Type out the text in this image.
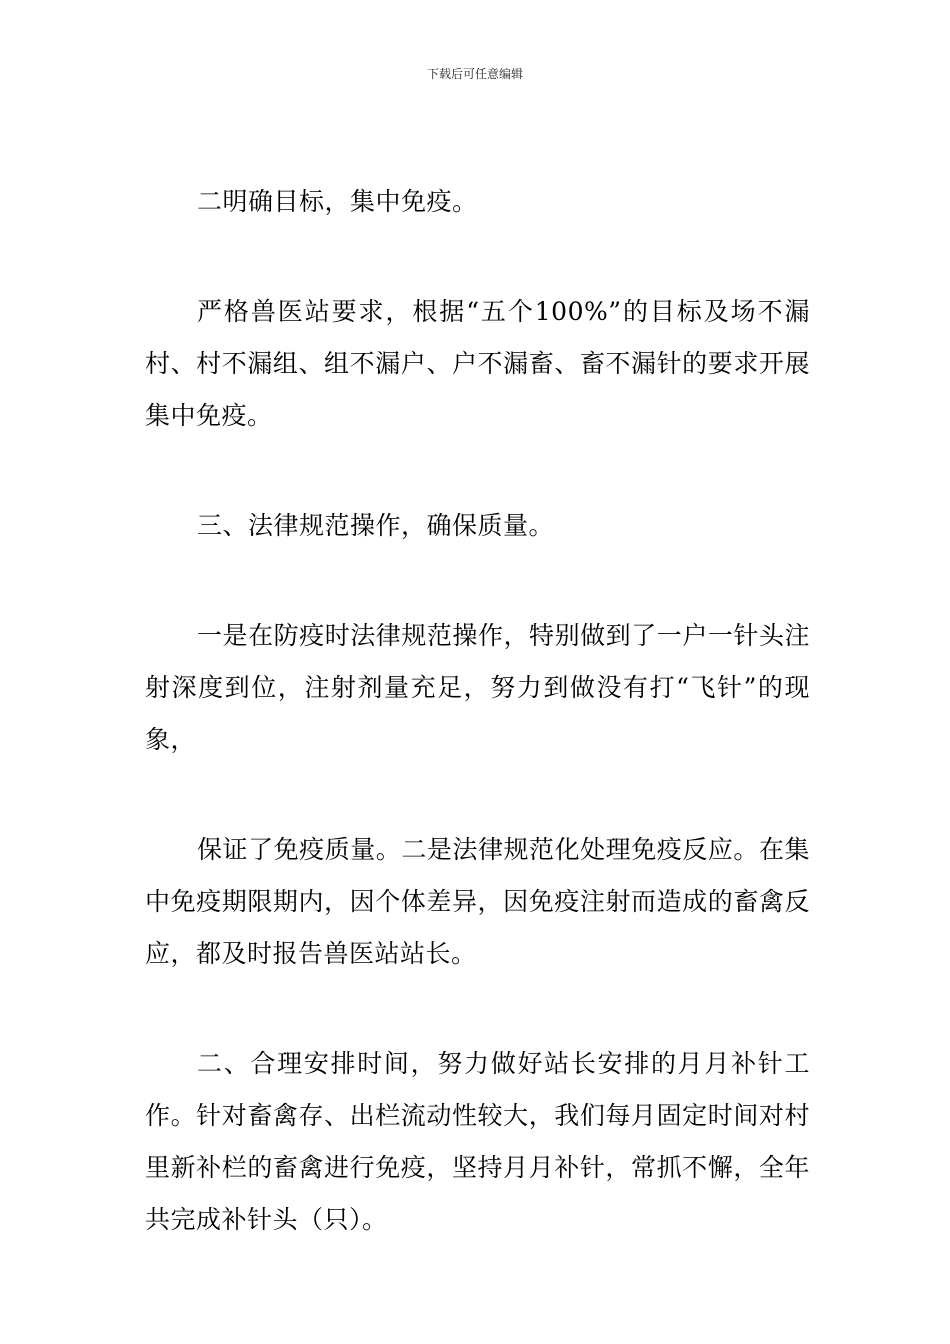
下载后可任意编辑

二明确目标，集中免疫。

严格兽医站要求，根据“五个100%”的目标及场不漏村、村不漏组、组不漏户、户不漏畜、畜不漏针的要求开展集中免疫。

三、法律规范操作，确保质量。

一是在防疫时法律规范操作，特别做到了一户一针头注射深度到位，注射剂量充足，努力到做没有打“飞针”的现象，

保证了免疫质量。二是法律规范化处理免疫反应。在集中免疫期限期内，因个体差异，因免疫注射而造成的畜禽反应，都及时报告兽医站站长。

二、合理安排时间，努力做好站长安排的月月补针工作。针对畜禽存、出栏流动性较大，我们每月固定时间对村里新补栏的畜禽进行免疫，坚持月月补针，常抓不懈，全年共完成补针头（只）。
